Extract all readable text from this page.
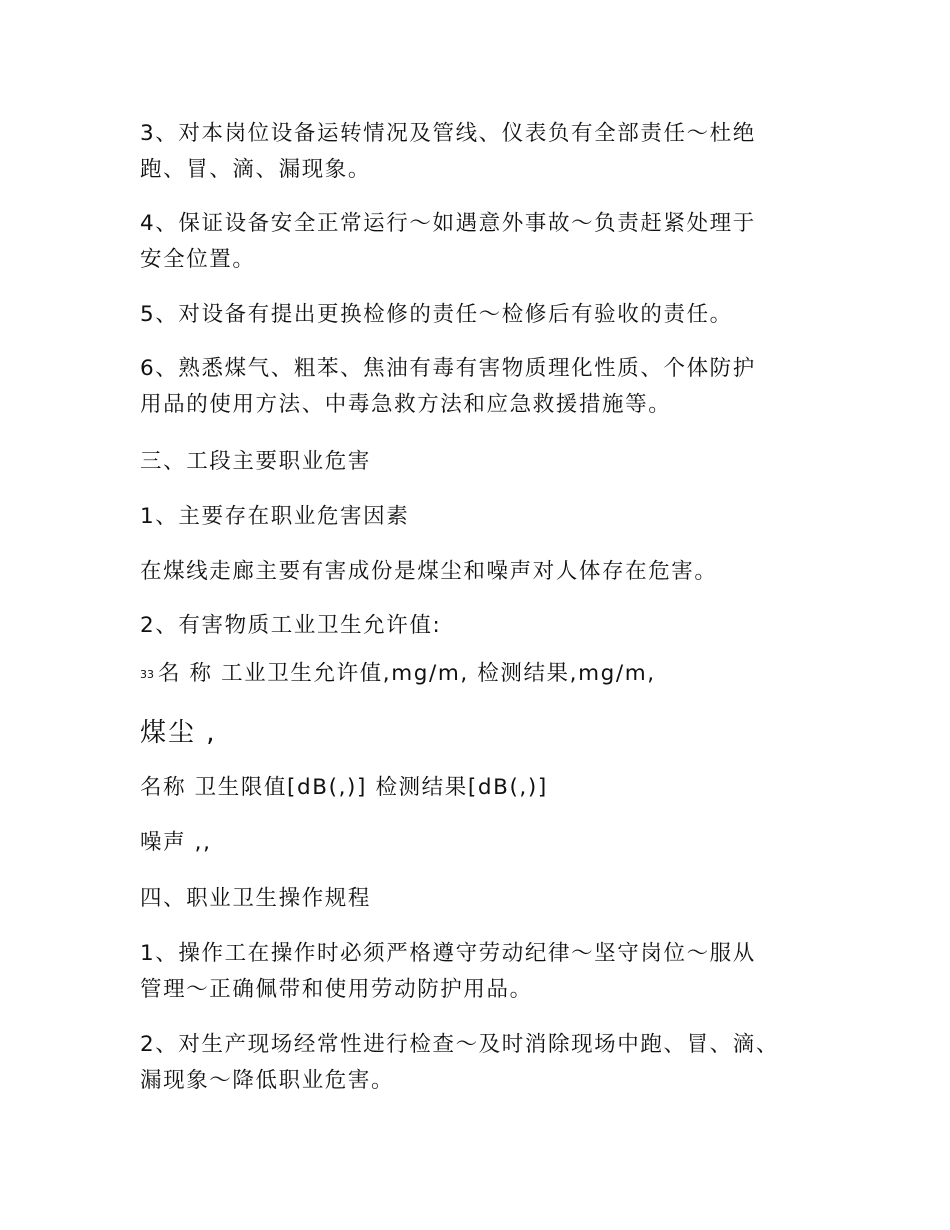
3、对本岗位设备运转情况及管线、仪表负有全部责任～杜绝
跑、冒、滴、漏现象。

4、保证设备安全正常运行～如遇意外事故～负责赶紧处理于
安全位置。

5、对设备有提出更换检修的责任～检修后有验收的责任。

6、熟悉煤气、粗苯、焦油有毒有害物质理化性质、个体防护
用品的使用方法、中毒急救方法和应急救援措施等。

三、工段主要职业危害

1、主要存在职业危害因素

在煤线走廊主要有害成份是煤尘和噪声对人体存在危害。

2、有害物质工业卫生允许值:

33 名 称 工业卫生允许值,mg/m, 检测结果,mg/m,

煤尘 ,

名称 卫生限值[dB(,)] 检测结果[dB(,)]

噪声 ,,

四、职业卫生操作规程

1、操作工在操作时必须严格遵守劳动纪律～坚守岗位～服从
管理～正确佩带和使用劳动防护用品。

2、对生产现场经常性进行检查～及时消除现场中跑、冒、滴、
漏现象～降低职业危害。
